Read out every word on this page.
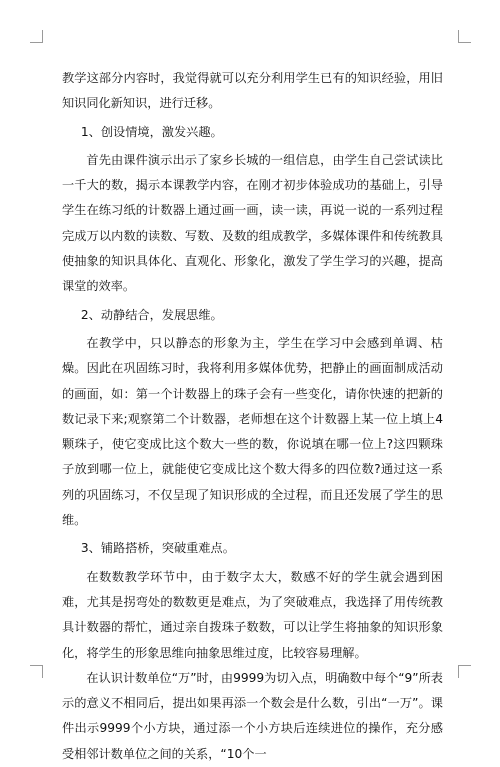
教学这部分内容时，我觉得就可以充分利用学生已有的知识经验，用旧知识同化新知识，进行迁移。

1、创设情境，激发兴趣。

首先由课件演示出示了家乡长城的一组信息，由学生自己尝试读比一千大的数，揭示本课教学内容，在刚才初步体验成功的基础上，引导学生在练习纸的计数器上通过画一画，读一读，再说一说的一系列过程完成万以内数的读数、写数、及数的组成教学，多媒体课件和传统教具使抽象的知识具体化、直观化、形象化，激发了学生学习的兴趣，提高课堂的效率。

2、动静结合，发展思维。

在教学中，只以静态的形象为主，学生在学习中会感到单调、枯燥。因此在巩固练习时，我将利用多媒体优势，把静止的画面制成活动的画面，如：第一个计数器上的珠子会有一些变化，请你快速的把新的数记录下来;观察第二个计数器，老师想在这个计数器上某一位上填上4颗珠子，使它变成比这个数大一些的数，你说填在哪一位上?这四颗珠子放到哪一位上，就能使它变成比这个数大得多的四位数?通过这一系列的巩固练习，不仅呈现了知识形成的全过程，而且还发展了学生的思维。

3、铺路搭桥，突破重难点。

在数数教学环节中，由于数字太大，数感不好的学生就会遇到困难，尤其是拐弯处的数数更是难点，为了突破难点，我选择了用传统教具计数器的帮忙，通过亲自拨珠子数数，可以让学生将抽象的知识形象化，将学生的形象思维向抽象思维过度，比较容易理解。

在认识计数单位“万”时，由9999为切入点，明确数中每个“9”所表示的意义不相同后，提出如果再添一个数会是什么数，引出“一万”。课件出示9999个小方块，通过添一个小方块后连续进位的操作，充分感受相邻计数单位之间的关系，“10个一
